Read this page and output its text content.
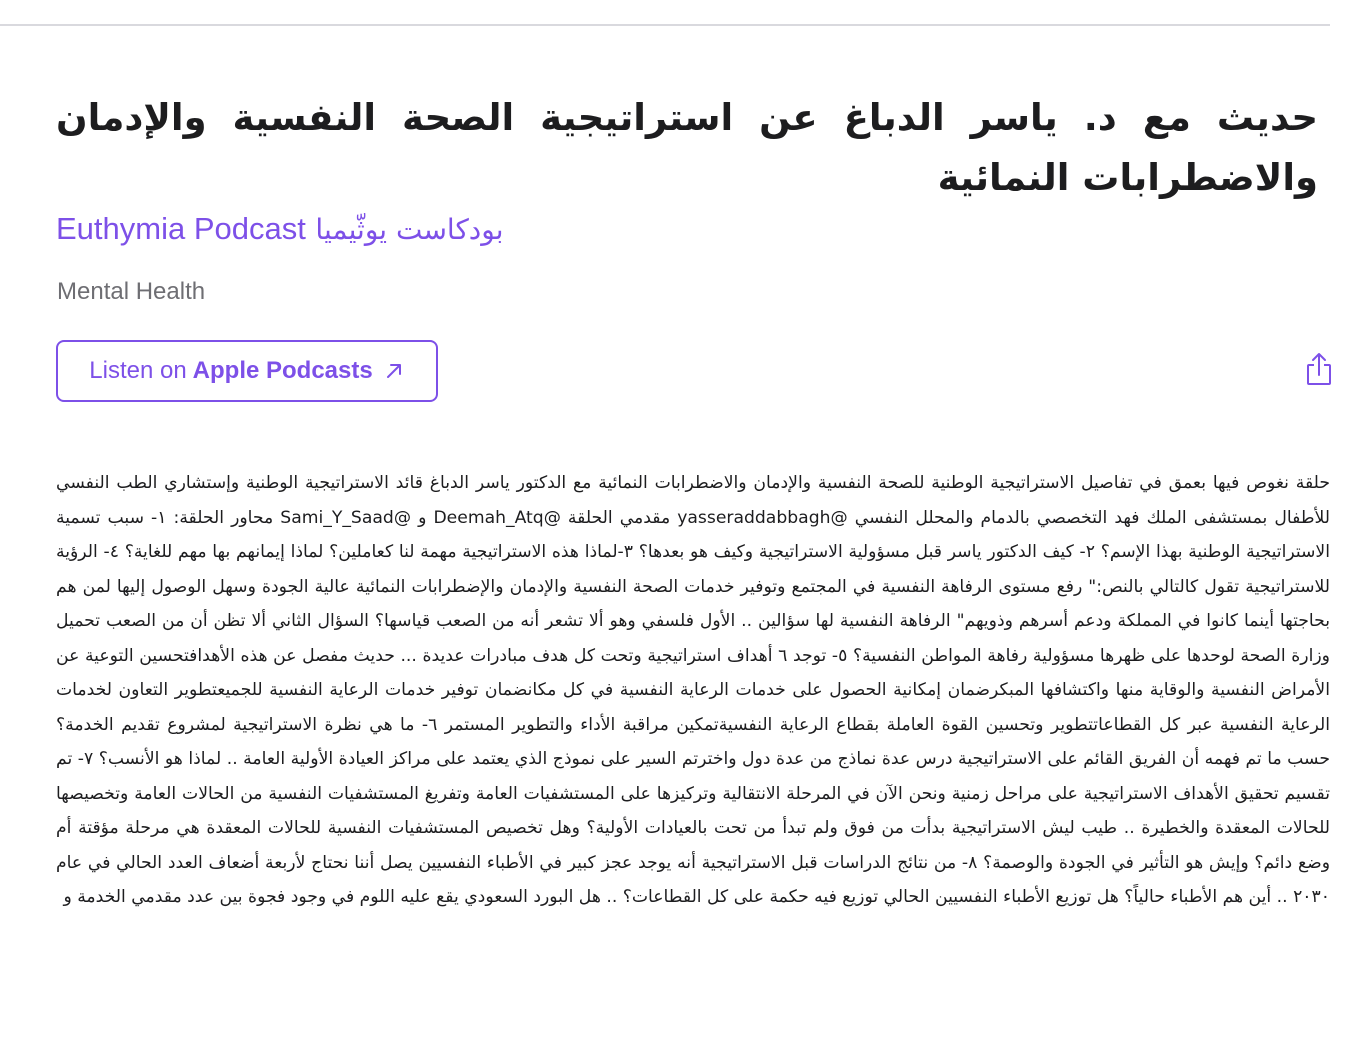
حديث مع د. ياسر الدباغ عن استراتيجية الصحة النفسية والإدمان والاضطرابات النمائية
Euthymia Podcast بودكاست يوثّيميا
Mental Health
Listen on Apple Podcasts

حلقة نغوص فيها بعمق في تفاصيل الاستراتيجية الوطنية للصحة النفسية والإدمان والاضطرابات النمائية مع الدكتور ياسر الدباغ قائد الاستراتيجية الوطنية وإستشاري الطب النفسي للأطفال بمستشفى الملك فهد التخصصي بالدمام والمحلل النفسي @yasseraddabbagh مقدمي الحلقة @Deemah_Atq و @Sami_Y_Saad محاور الحلقة: ١- سبب تسمية الاستراتيجية الوطنية بهذا الإسم؟ ٢- كيف الدكتور ياسر قبل مسؤولية الاستراتيجية وكيف هو بعدها؟ ٣-لماذا هذه الاستراتيجية مهمة لنا كعاملين؟ لماذا إيمانهم بها مهم للغاية؟ ٤- الرؤية للاستراتيجية تقول كالتالي بالنص:" رفع مستوى الرفاهة النفسية في المجتمع وتوفير خدمات الصحة النفسية والإدمان والإضطرابات النمائية عالية الجودة وسهل الوصول إليها لمن هم بحاجتها أينما كانوا في المملكة ودعم أسرهم وذويهم" الرفاهة النفسية لها سؤالين .. الأول فلسفي وهو ألا تشعر أنه من الصعب قياسها؟ السؤال الثاني ألا تظن أن من الصعب تحميل وزارة الصحة لوحدها على ظهرها مسؤولية رفاهة المواطن النفسية؟ ٥- توجد ٦ أهداف استراتيجية وتحت كل هدف مبادرات عديدة ... حديث مفصل عن هذه الأهدافتحسين التوعية عن الأمراض النفسية والوقاية منها واكتشافها المبكرضمان إمكانية الحصول على خدمات الرعاية النفسية في كل مكانضمان توفير خدمات الرعاية النفسية للجميعتطوير التعاون لخدمات الرعاية النفسية عبر كل القطاعاتتطوير وتحسين القوة العاملة بقطاع الرعاية النفسيةتمكين مراقبة الأداء والتطوير المستمر ٦- ما هي نظرة الاستراتيجية لمشروع تقديم الخدمة؟ حسب ما تم فهمه أن الفريق القائم على الاستراتيجية درس عدة نماذج من عدة دول واخترتم السير على نموذج الذي يعتمد على مراكز العيادة الأولية العامة .. لماذا هو الأنسب؟ ٧- تم تقسيم تحقيق الأهداف الاستراتيجية على مراحل زمنية ونحن الآن في المرحلة الانتقالية وتركيزها على المستشفيات العامة وتفريغ المستشفيات النفسية من الحالات العامة وتخصيصها للحالات المعقدة والخطيرة .. طيب ليش الاستراتيجية بدأت من فوق ولم تبدأ من تحت بالعيادات الأولية؟ وهل تخصيص المستشفيات النفسية للحالات المعقدة هي مرحلة مؤقتة أم وضع دائم؟ وإيش هو التأثير في الجودة والوصمة؟ ٨- من نتائج الدراسات قبل الاستراتيجية أنه يوجد عجز كبير في الأطباء النفسيين يصل أننا نحتاج لأربعة أضعاف العدد الحالي في عام ٢٠٣٠ .. أين هم الأطباء حالياً؟ هل توزيع الأطباء النفسيين الحالي توزيع فيه حكمة على كل القطاعات؟ .. هل البورد السعودي يقع عليه اللوم في وجود فجوة بين عدد مقدمي الخدمة و
